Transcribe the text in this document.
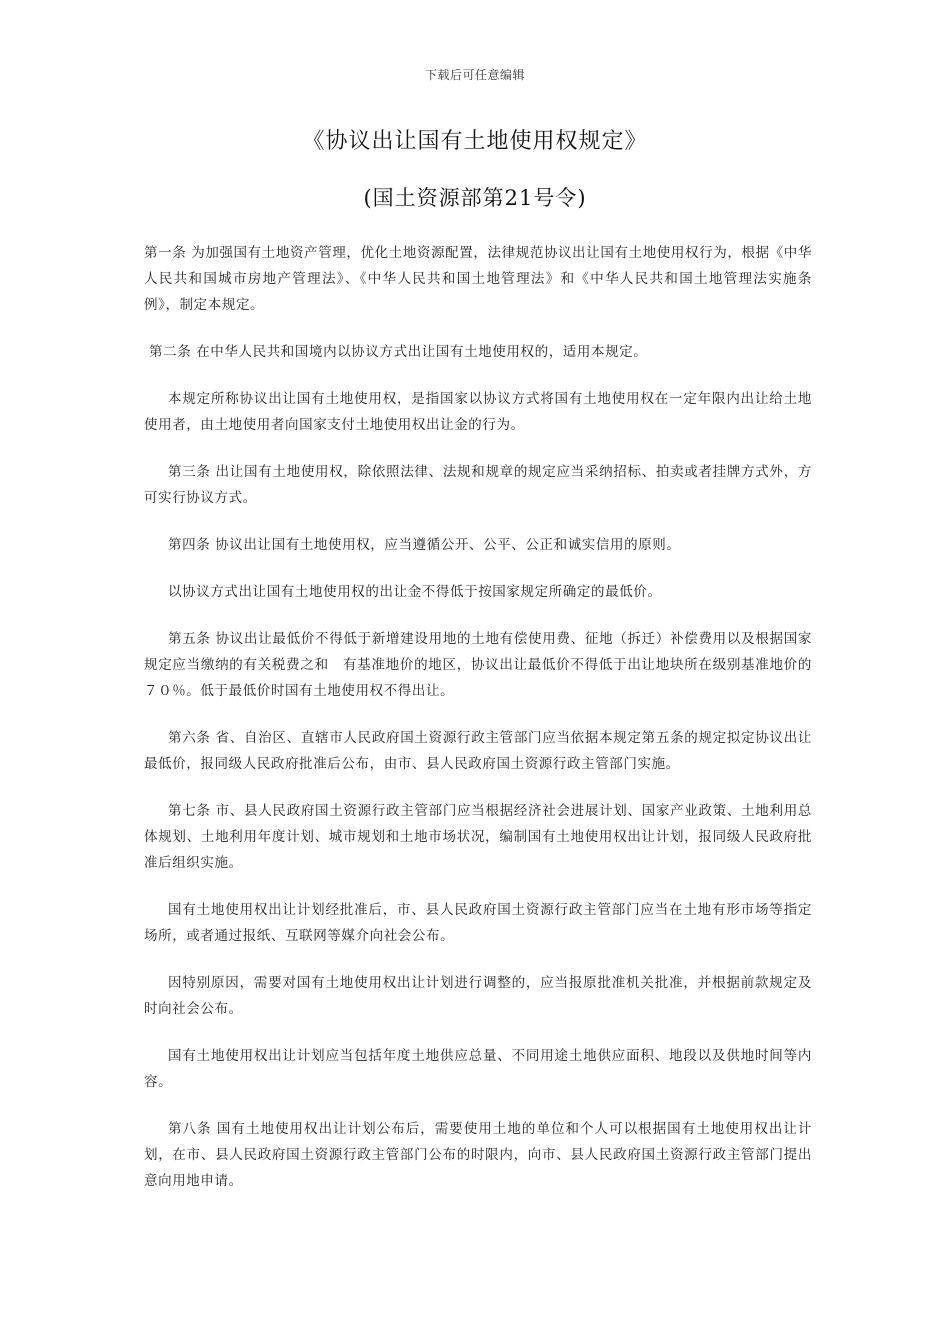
下载后可任意编辑
《协议出让国有土地使用权规定》
(国土资源部第21号令)

第一条 为加强国有土地资产管理，优化土地资源配置，法律规范协议出让国有土地使用权行为，根据《中华人民共和国城市房地产管理法》、《中华人民共和国土地管理法》和《中华人民共和国土地管理法实施条例》，制定本规定。

第二条 在中华人民共和国境内以协议方式出让国有土地使用权的，适用本规定。

本规定所称协议出让国有土地使用权，是指国家以协议方式将国有土地使用权在一定年限内出让给土地使用者，由土地使用者向国家支付土地使用权出让金的行为。

第三条 出让国有土地使用权，除依照法律、法规和规章的规定应当采纳招标、拍卖或者挂牌方式外，方可实行协议方式。

第四条 协议出让国有土地使用权，应当遵循公开、公平、公正和诚实信用的原则。

以协议方式出让国有土地使用权的出让金不得低于按国家规定所确定的最低价。

第五条 协议出让最低价不得低于新增建设用地的土地有偿使用费、征地（拆迁）补偿费用以及根据国家规定应当缴纳的有关税费之和　有基准地价的地区，协议出让最低价不得低于出让地块所在级别基准地价的７０％。低于最低价时国有土地使用权不得出让。

第六条 省、自治区、直辖市人民政府国土资源行政主管部门应当依据本规定第五条的规定拟定协议出让最低价，报同级人民政府批准后公布，由市、县人民政府国土资源行政主管部门实施。

第七条 市、县人民政府国土资源行政主管部门应当根据经济社会进展计划、国家产业政策、土地利用总体规划、土地利用年度计划、城市规划和土地市场状况，编制国有土地使用权出让计划，报同级人民政府批准后组织实施。

国有土地使用权出让计划经批准后，市、县人民政府国土资源行政主管部门应当在土地有形市场等指定场所，或者通过报纸、互联网等媒介向社会公布。

因特别原因，需要对国有土地使用权出让计划进行调整的，应当报原批准机关批准，并根据前款规定及时向社会公布。

国有土地使用权出让计划应当包括年度土地供应总量、不同用途土地供应面积、地段以及供地时间等内容。

第八条 国有土地使用权出让计划公布后，需要使用土地的单位和个人可以根据国有土地使用权出让计划，在市、县人民政府国土资源行政主管部门公布的时限内，向市、县人民政府国土资源行政主管部门提出意向用地申请。
